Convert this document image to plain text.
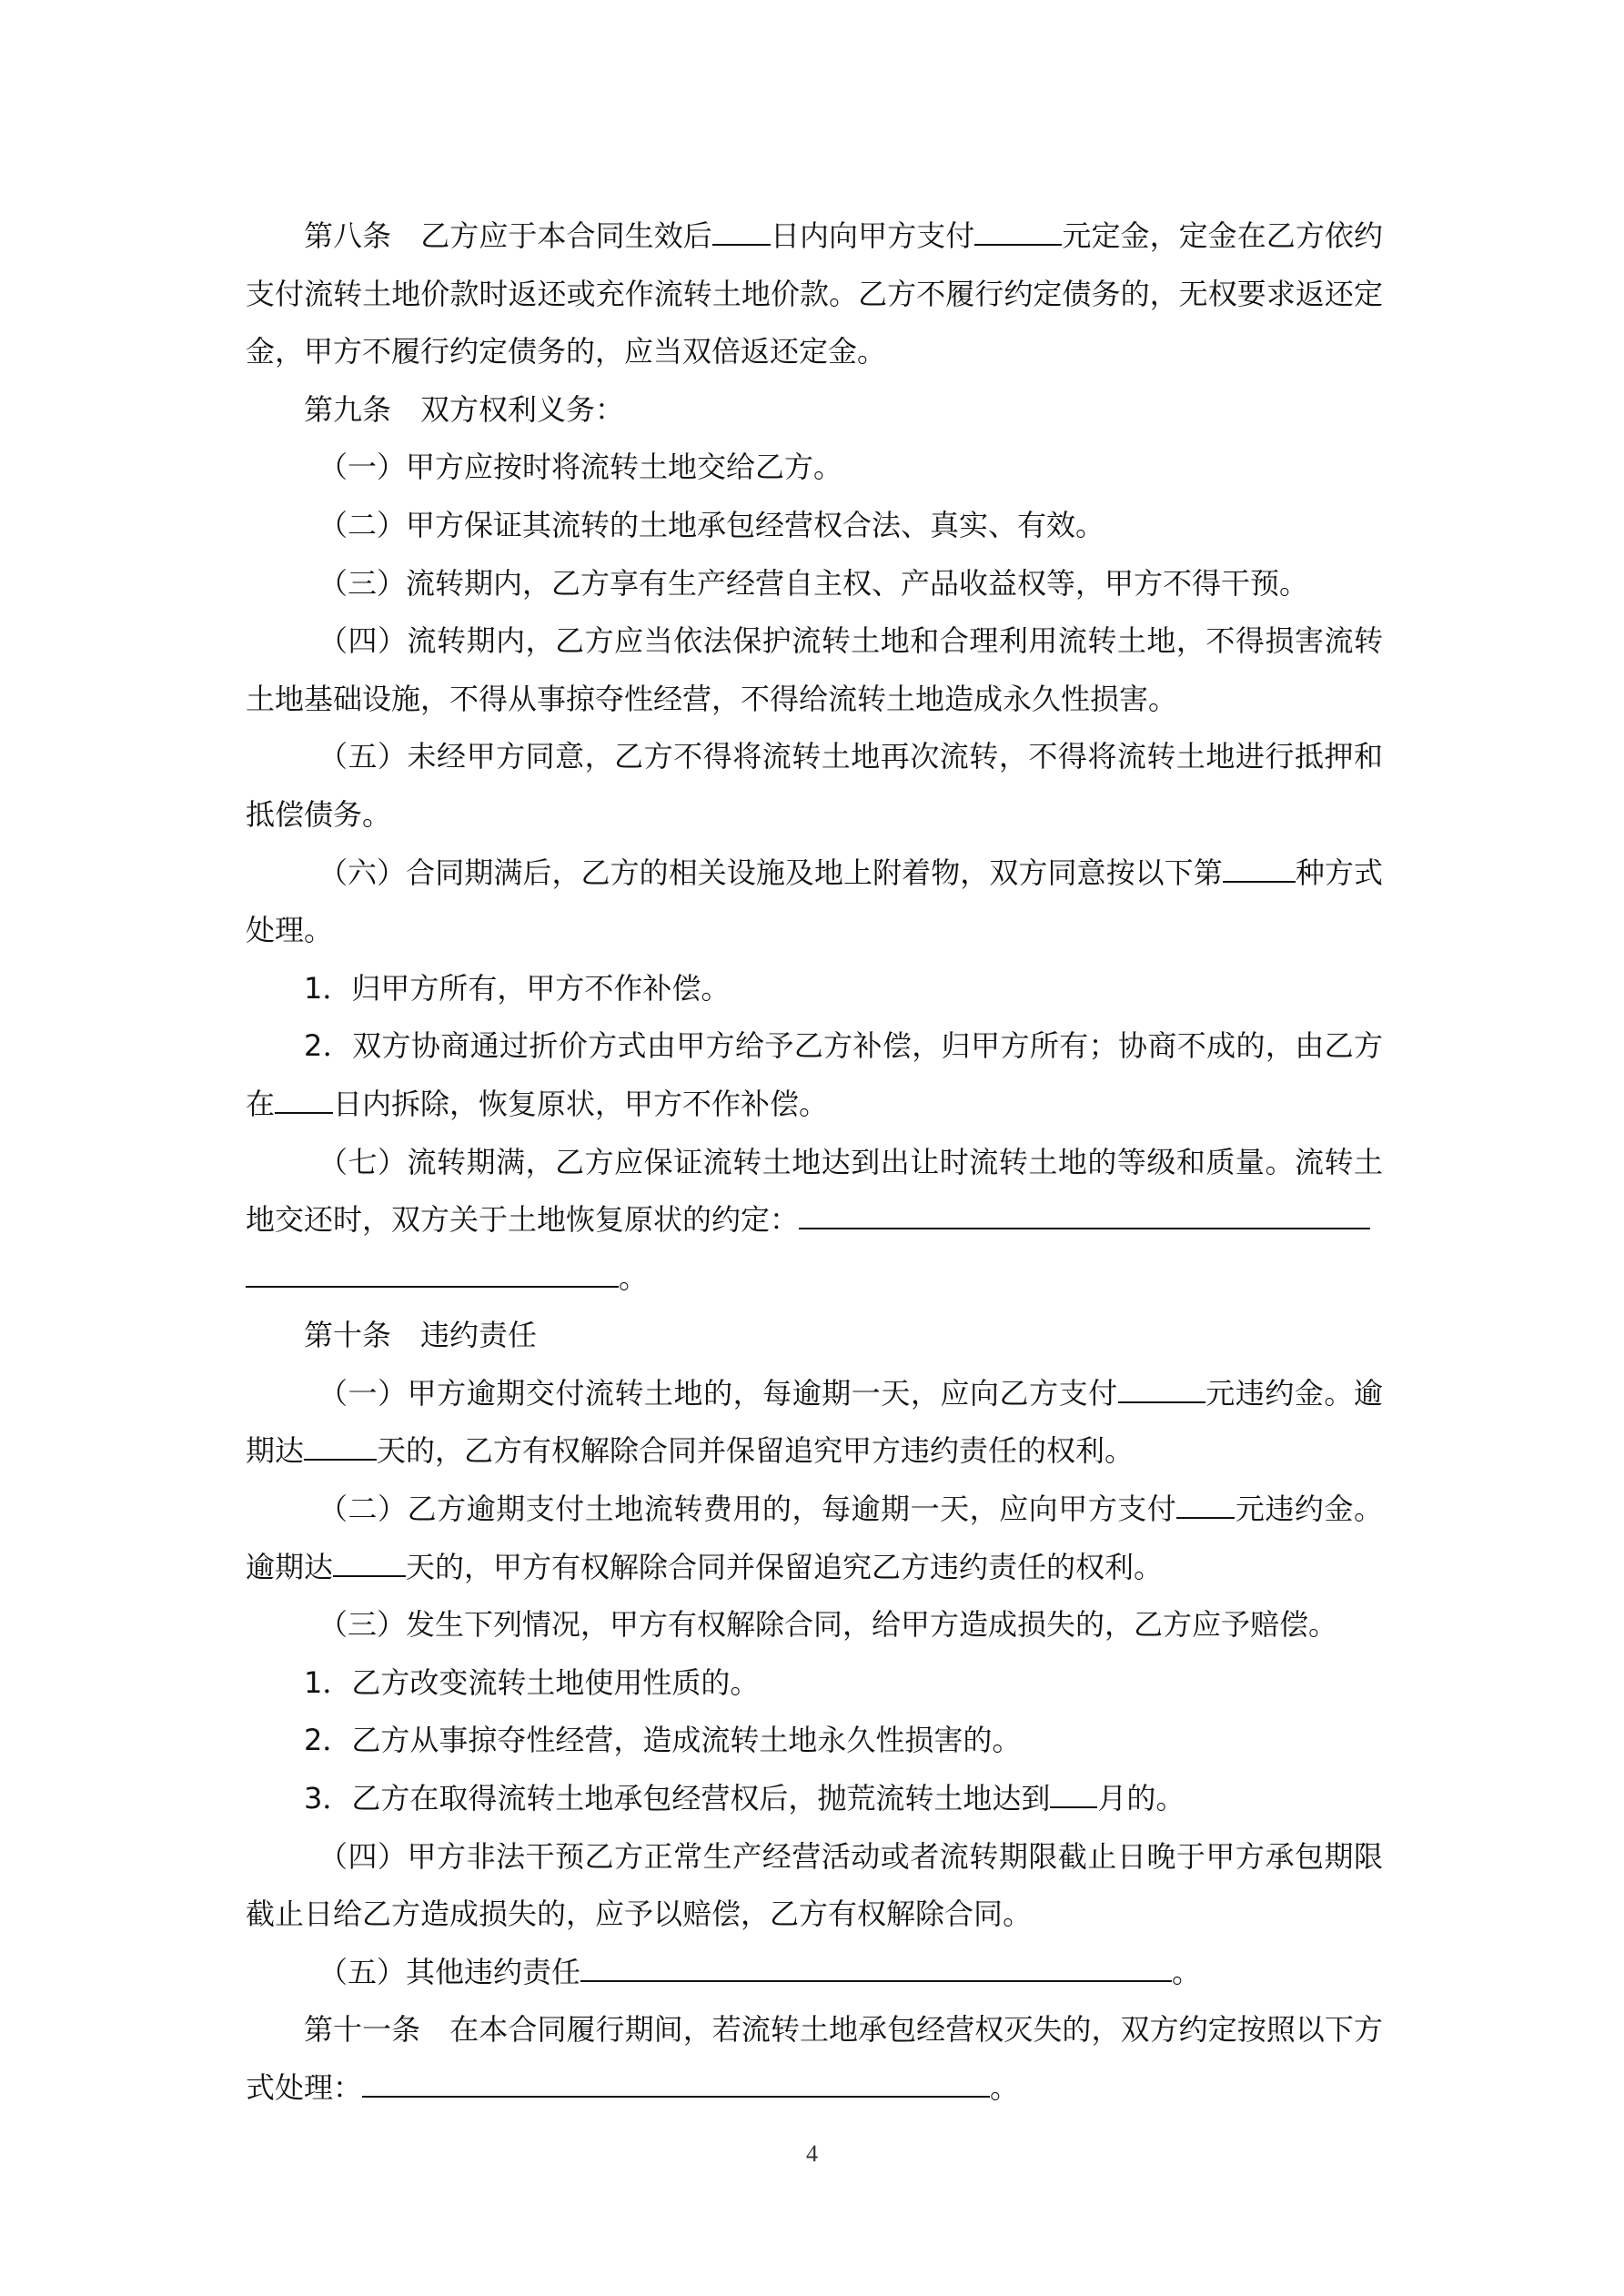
第八条　乙方应于本合同生效后 日内向甲方支付	元定金，定金在乙方依约支付流转土地价款时返还或充作流转土地价款。乙方不履行约定债务的，无权要求返还定金，甲方不履行约定债务的，应当双倍返还定金。

第九条　双方权利义务：

（一）甲方应按时将流转土地交给乙方。

（二）甲方保证其流转的土地承包经营权合法、真实、有效。

（三）流转期内，乙方享有生产经营自主权、产品收益权等，甲方不得干预。

（四）流转期内，乙方应当依法保护流转土地和合理利用流转土地，不得损害流转土地基础设施，不得从事掠夺性经营，不得给流转土地造成永久性损害。

（五）未经甲方同意，乙方不得将流转土地再次流转，不得将流转土地进行抵押和抵偿债务。

（六）合同期满后，乙方的相关设施及地上附着物，双方同意按以下第	种方式处理。

1．归甲方所有，甲方不作补偿。

2．双方协商通过折价方式由甲方给予乙方补偿，归甲方所有；协商不成的，由乙方在 日内拆除，恢复原状，甲方不作补偿。

（七）流转期满，乙方应保证流转土地达到出让时流转土地的等级和质量。流转土地交还时，双方关于土地恢复原状的约定：
。

第十条　违约责任

（一）甲方逾期交付流转土地的，每逾期一天，应向乙方支付	元违约金。逾期达	天的，乙方有权解除合同并保留追究甲方违约责任的权利。

（二）乙方逾期支付土地流转费用的，每逾期一天，应向甲方支付 元违约金。逾期达	天的，甲方有权解除合同并保留追究乙方违约责任的权利。

（三）发生下列情况，甲方有权解除合同，给甲方造成损失的，乙方应予赔偿。

1．乙方改变流转土地使用性质的。

2．乙方从事掠夺性经营，造成流转土地永久性损害的。

3．乙方在取得流转土地承包经营权后，抛荒流转土地达到 月的。

（四）甲方非法干预乙方正常生产经营活动或者流转期限截止日晚于甲方承包期限截止日给乙方造成损失的，应予以赔偿，乙方有权解除合同。

（五）其他违约责任	。

第十一条　在本合同履行期间，若流转土地承包经营权灭失的，双方约定按照以下方式处理：	。

4
